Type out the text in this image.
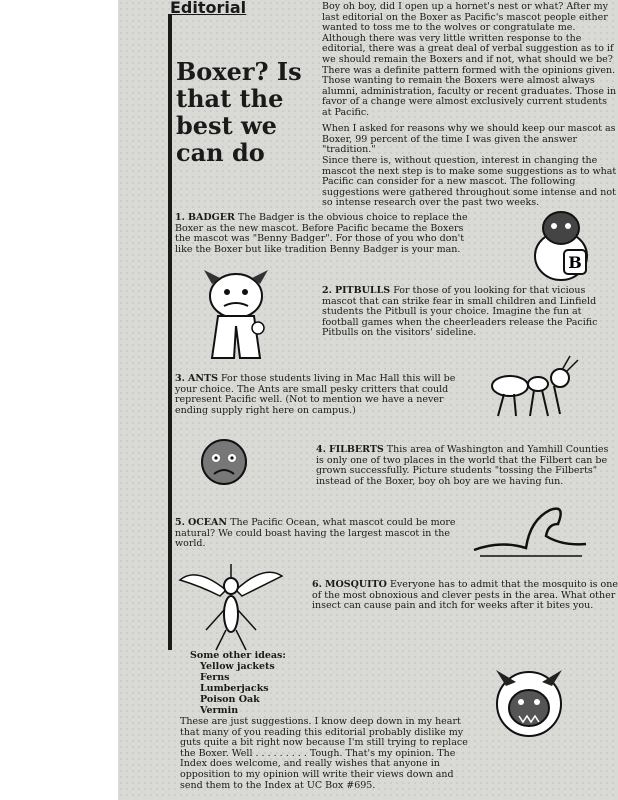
Editorial
Boxer? Is that the best we can do

Boy oh boy, did I open up a hornet's nest or what? After my last editorial on the Boxer as Pacific's mascot people either wanted to toss me to the wolves or congratulate me. Although there was very little written response to the editorial, there was a great deal of verbal suggestion as to if we should remain the Boxers and if not, what should we be? There was a definite pattern formed with the opinions given. Those wanting to remain the Boxers were almost always alumni, administration, faculty or recent graduates. Those in favor of a change were almost exclusively current students at Pacific.

When I asked for reasons why we should keep our mascot as Boxer, 99 percent of the time I was given the answer "tradition."

Since there is, without question, interest in changing the mascot the next step is to make some suggestions as to what Pacific can consider for a new mascot. The following suggestions were gathered throughout some intense and not so intense research over the past two weeks.

1. BADGER The Badger is the obvious choice to replace the Boxer as the new mascot. Before Pacific became the Boxers the mascot was "Benny Badger". For those of you who don't like the Boxer but like tradition Benny Badger is your man.

2. PITBULLS For those of you looking for that vicious mascot that can strike fear in small children and Linfield students the Pitbull is your choice. Imagine the fun at football games when the cheerleaders release the Pacific Pitbulls on the visitors' sideline.

3. ANTS For those students living in Mac Hall this will be your choice. The Ants are small pesky critters that could represent Pacific well. (Not to mention we have a never ending supply right here on campus.)

4. FILBERTS This area of Washington and Yamhill Counties is only one of two places in the world that the Filbert can be grown successfully. Picture students "tossing the Filberts" instead of the Boxer, boy oh boy are we having fun.

5. OCEAN The Pacific Ocean, what mascot could be more natural? We could boast having the largest mascot in the world.

6. MOSQUITO Everyone has to admit that the mosquito is one of the most obnoxious and clever pests in the area. What other insect can cause pain and itch for weeks after it bites you.

Some other ideas:
Yellow jackets
Ferns
Lumberjacks
Poison Oak
Vermin

These are just suggestions. I know deep down in my heart that many of you reading this editorial probably dislike my guts quite a bit right now because I'm still trying to replace the Boxer. Well . . . . . . . . . Tough. That's my opinion. The Index does welcome, and really wishes that anyone in opposition to my opinion will write their views down and send them to the Index at UC Box #695.

B
